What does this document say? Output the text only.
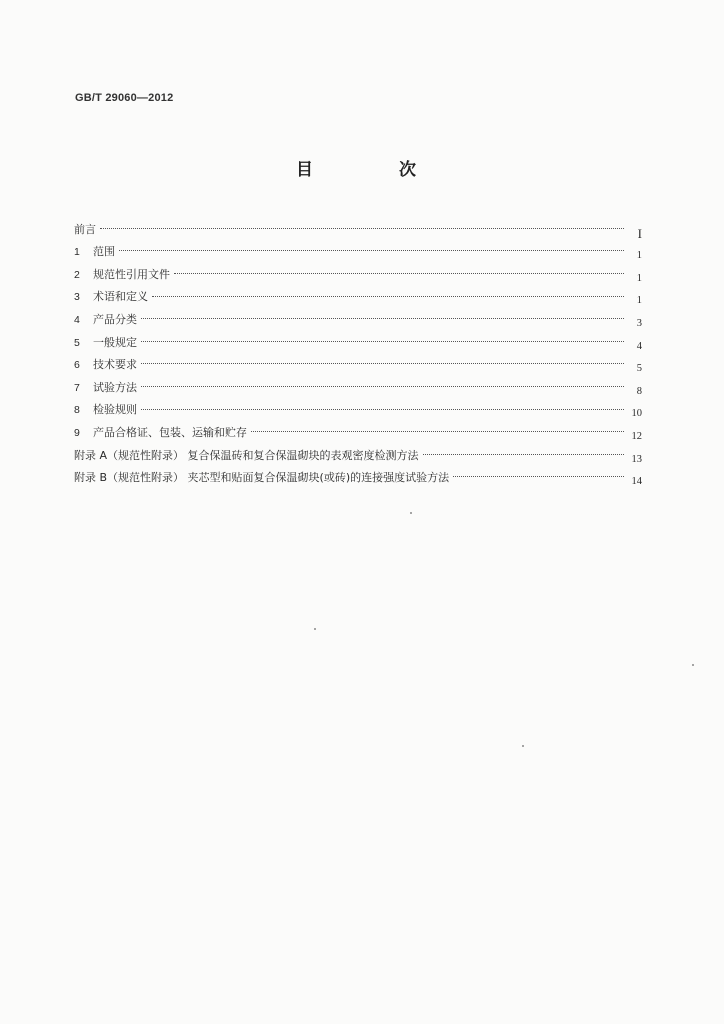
GB/T 29060—2012
目 次
前言	I
1	范围	1
2	规范性引用文件	1
3	术语和定义	1
4	产品分类	3
5	一般规定	4
6	技术要求	5
7	试验方法	8
8	检验规则	10
9	产品合格证、包装、运输和贮存	12
附录 A（规范性附录） 复合保温砖和复合保温砌块的表观密度检测方法	13
附录 B（规范性附录） 夹芯型和贴面复合保温砌块(或砖)的连接强度试验方法	14
